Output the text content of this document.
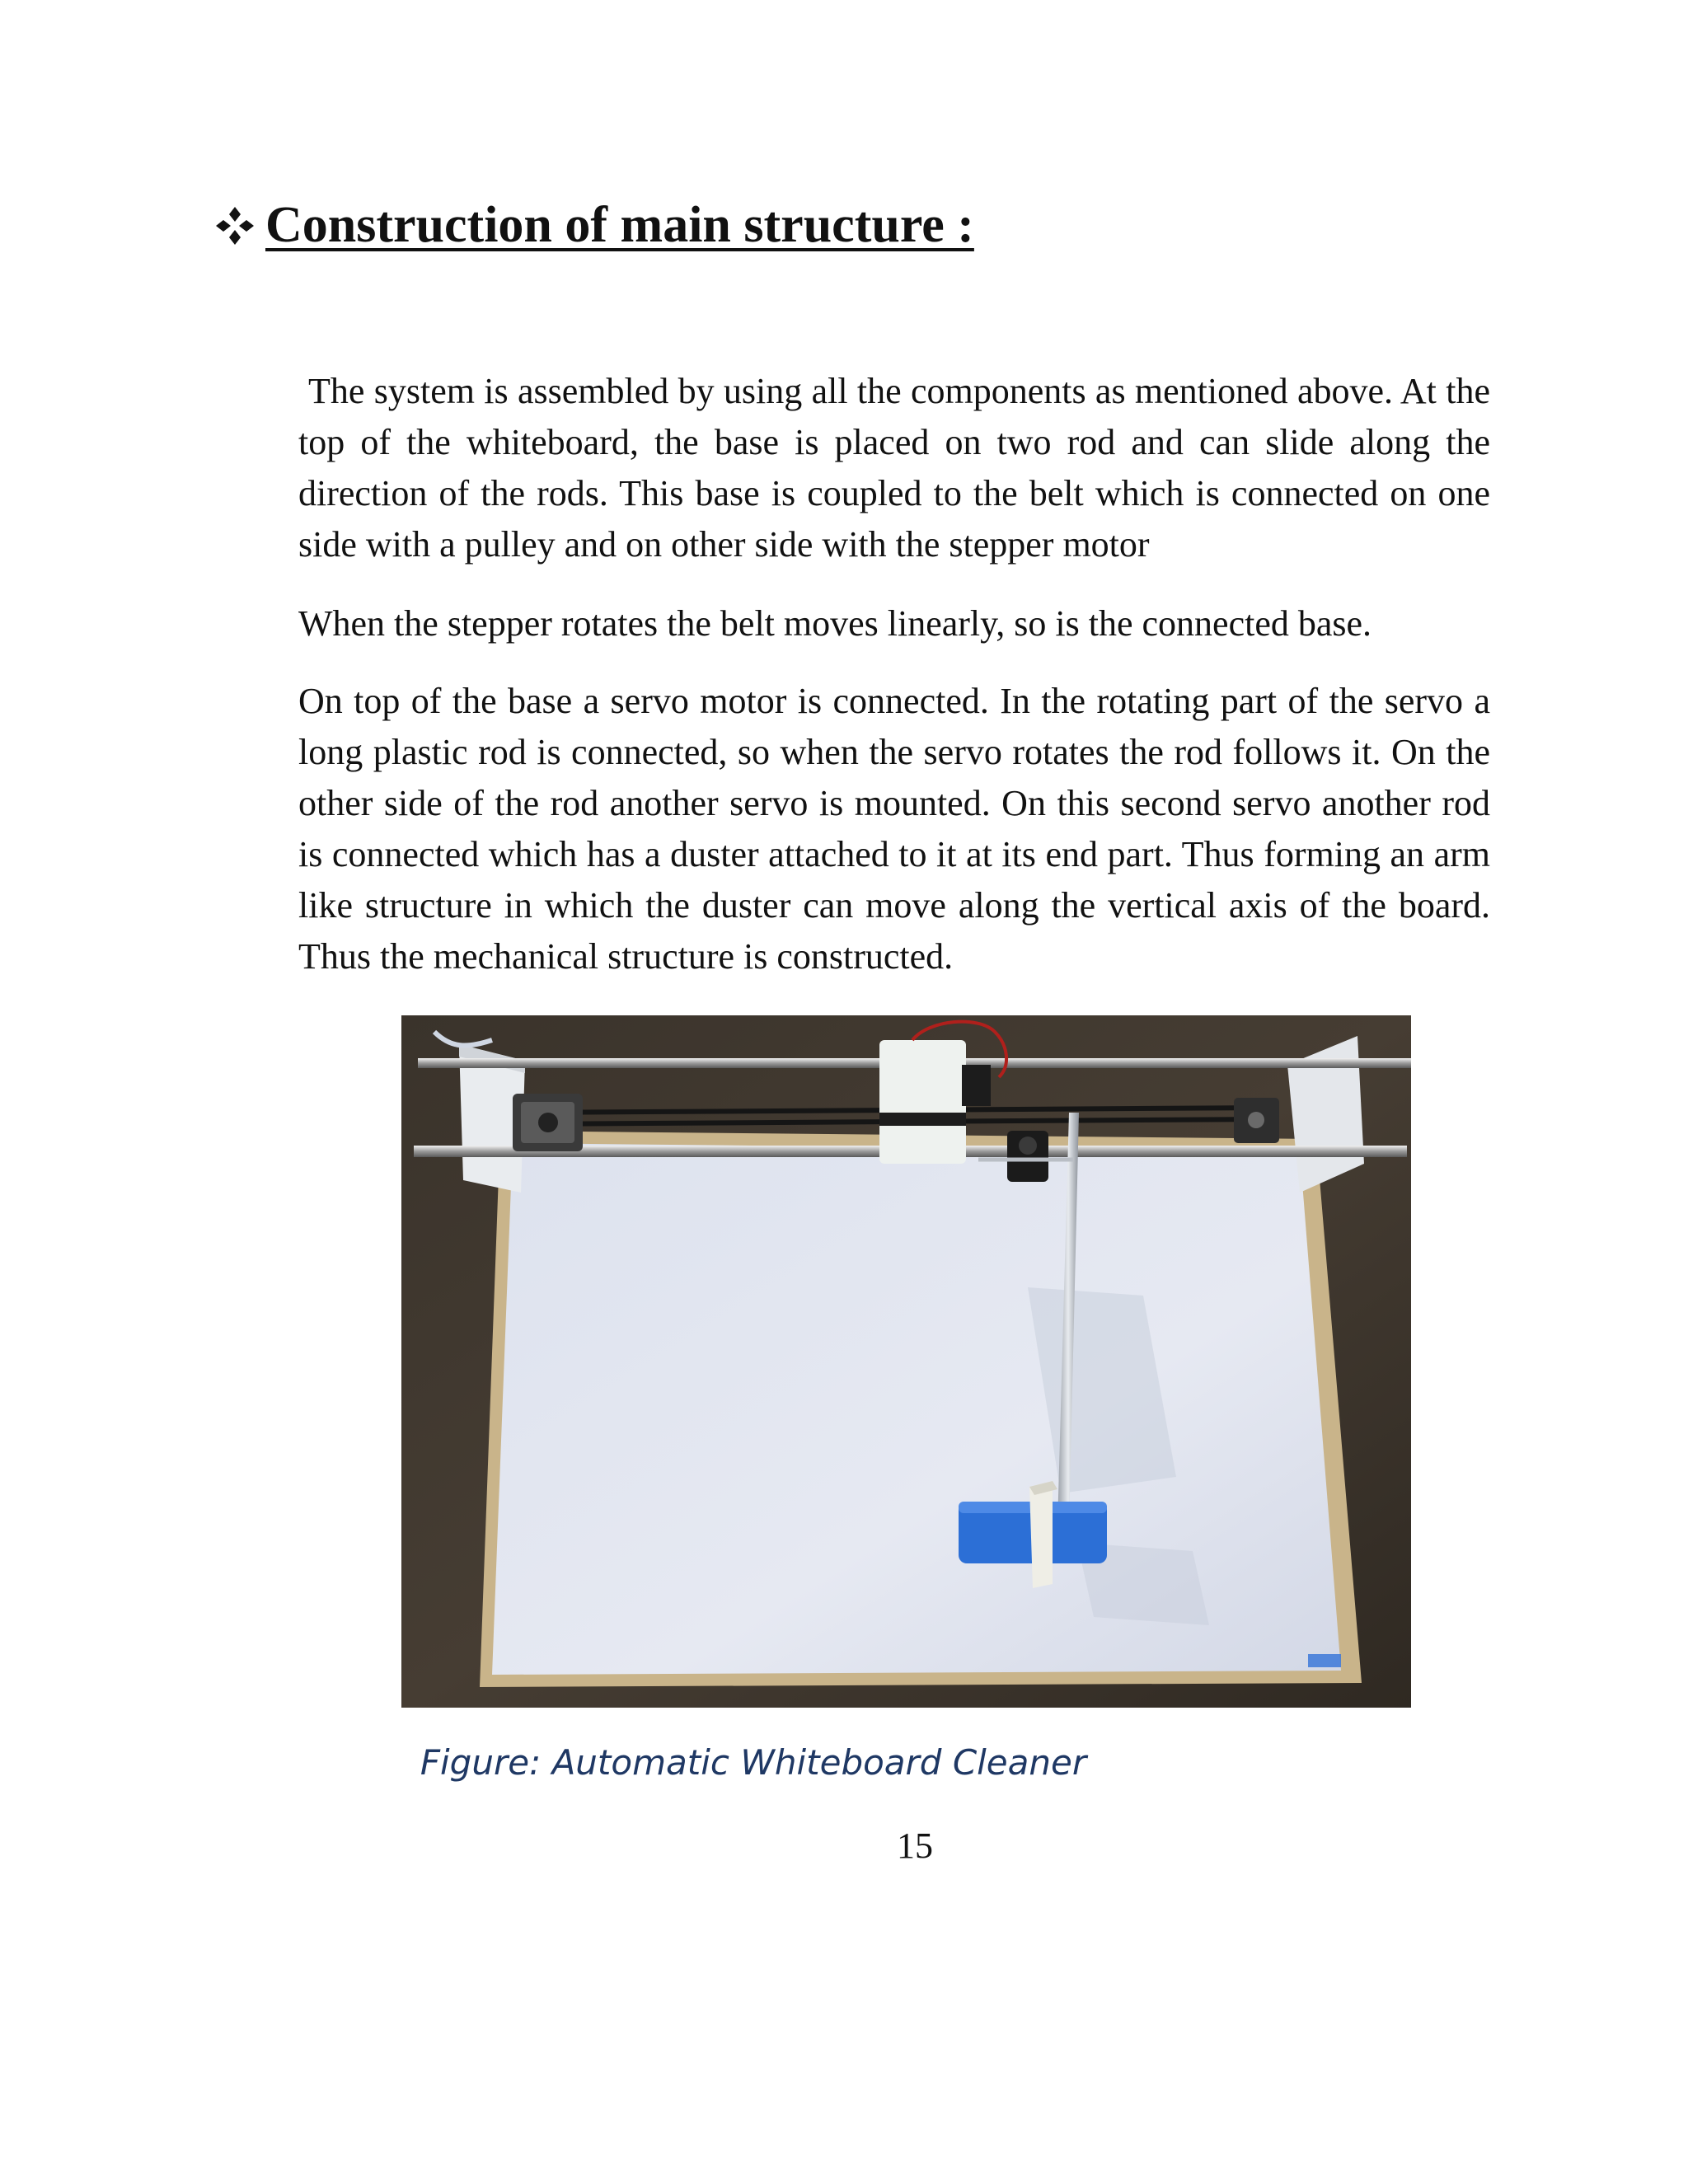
Construction of main structure :

The system is assembled by using all the components as mentioned above. At the top of the whiteboard, the base is placed on two rod and can slide along the direction of the rods. This base is coupled to the belt which is connected on one side with a pulley and on other side with the stepper motor

When the stepper rotates the belt moves linearly, so is the connected base.

On top of the base a servo motor is connected. In the rotating part of the servo a long plastic rod is connected, so when the servo rotates the rod follows it. On the other side of the rod another servo is mounted. On this second servo another rod is connected which has a duster attached to it at its end part. Thus forming an arm like structure in which the duster can move along the vertical axis of the board. Thus the mechanical structure is constructed.

Figure: Automatic Whiteboard Cleaner
15
